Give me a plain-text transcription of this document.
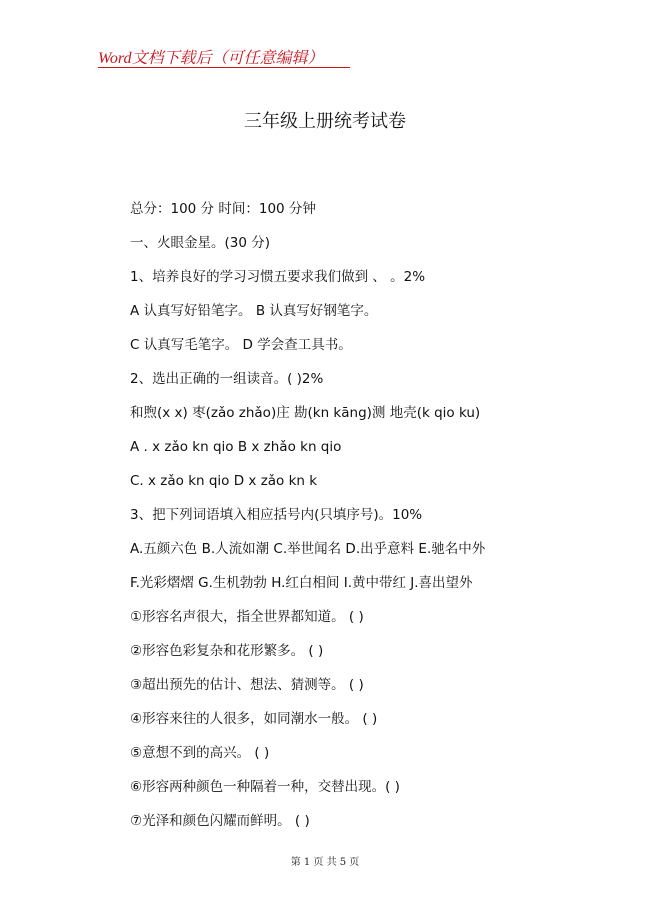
Word文档下载后（可任意编辑）
三年级上册统考试卷
总分：100 分 时间：100 分钟
一、火眼金星。(30 分)
1、培养良好的学习习惯五要求我们做到 、 。2%
A 认真写好铅笔字。 B 认真写好钢笔字。
C 认真写毛笔字。 D 学会查工具书。
2、选出正确的一组读音。( )2%
和煦(x x) 枣(zǎo zhǎo)庄 勘(kn kāng)测 地壳(k qio ku)
A . x zǎo kn qio B x zhǎo kn qio
C. x zǎo kn qio D x zǎo kn k
3、把下列词语填入相应括号内(只填序号)。10%
A.五颜六色 B.人流如潮 C.举世闻名 D.出乎意料 E.驰名中外
F.光彩熠熠 G.生机勃勃 H.红白相间 I.黄中带红 J.喜出望外
①形容名声很大，指全世界都知道。 ( )
②形容色彩复杂和花形繁多。 ( )
③超出预先的估计、想法、猜测等。 ( )
④形容来往的人很多，如同潮水一般。 ( )
⑤意想不到的高兴。 ( )
⑥形容两种颜色一种隔着一种，交替出现。( )
⑦光泽和颜色闪耀而鲜明。 ( )
第 1 页 共 5 页
